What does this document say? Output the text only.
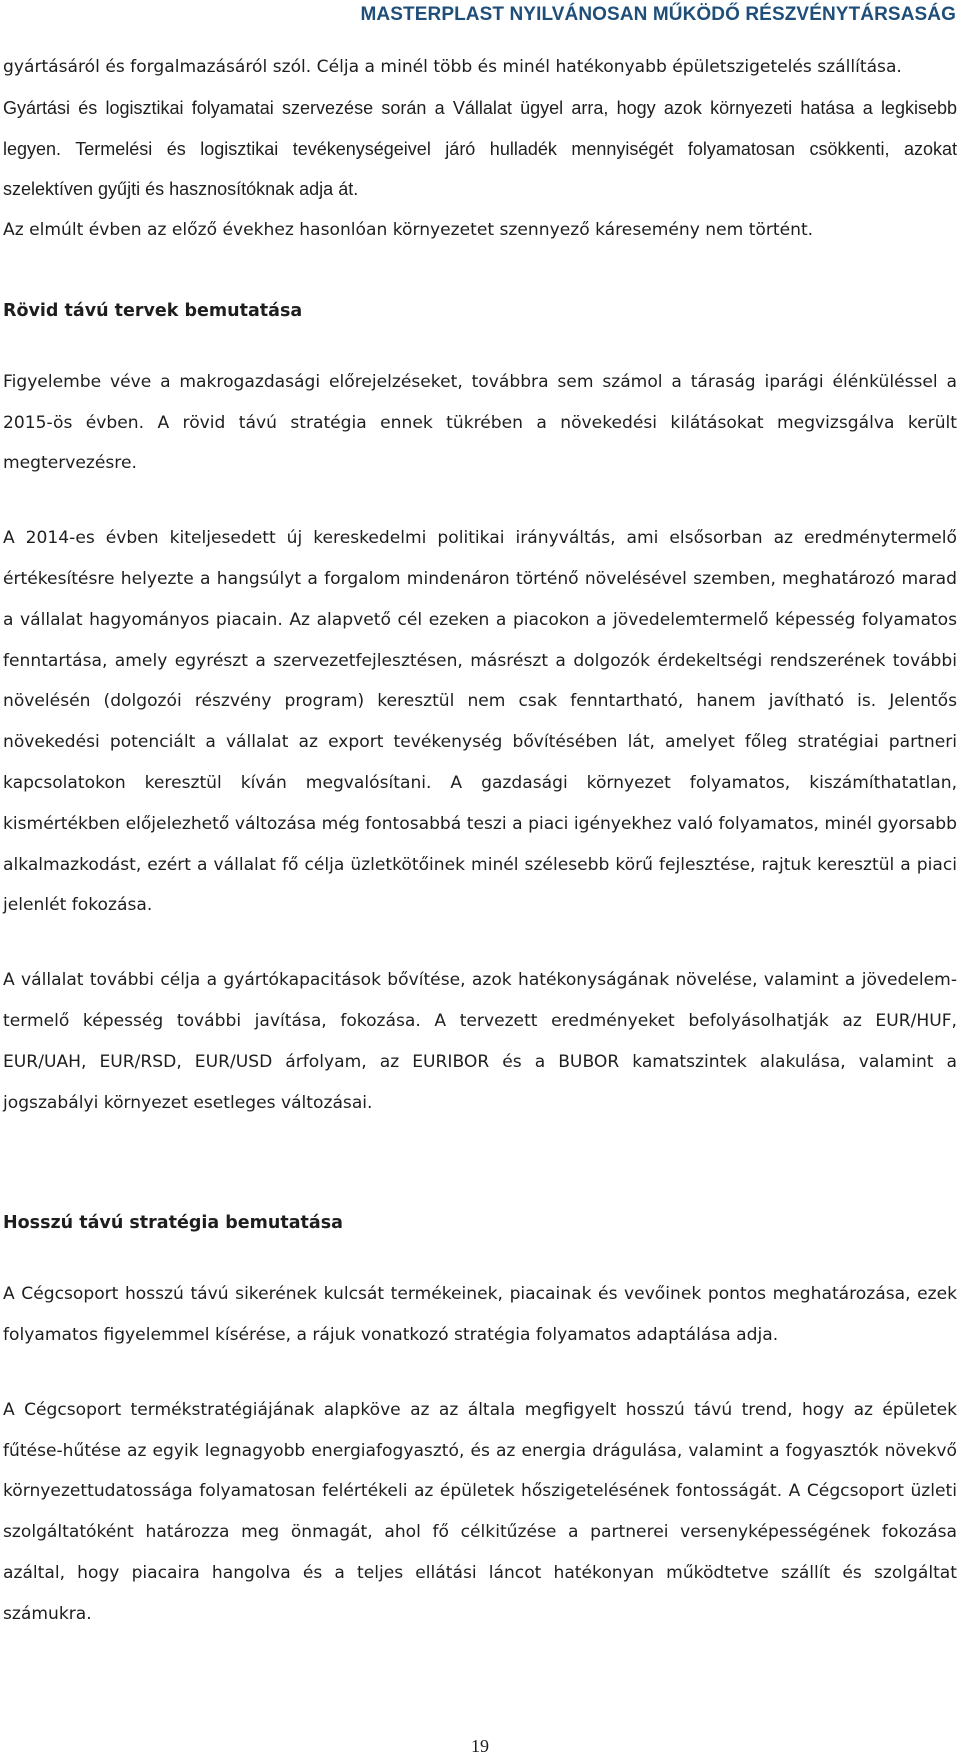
MASTERPLAST NYILVÁNOSAN MŰKÖDŐ RÉSZVÉNYTÁRSASÁG

gyártásáról és forgalmazásáról szól. Célja a minél több és minél hatékonyabb épületszigetelés szállítása.

Gyártási és logisztikai folyamatai szervezése során a Vállalat ügyel arra, hogy azok környezeti hatása a legkisebb legyen. Termelési és logisztikai tevékenységeivel járó hulladék mennyiségét folyamatosan csökkenti, azokat szelektíven gyűjti és hasznosítóknak adja át.

Az elmúlt évben az előző évekhez hasonlóan környezetet szennyező káresemény nem történt.

Rövid távú tervek bemutatása

Figyelembe véve a makrogazdasági előrejelzéseket, továbbra sem számol a táraság iparági élénküléssel a 2015-ös évben. A rövid távú stratégia ennek tükrében a növekedési kilátásokat megvizsgálva került megtervezésre.

A 2014-es évben kiteljesedett új kereskedelmi politikai irányváltás, ami elsősorban az eredménytermelő értékesítésre helyezte a hangsúlyt a forgalom mindenáron történő növelésével szemben, meghatározó marad a vállalat hagyományos piacain. Az alapvető cél ezeken a piacokon a jövedelemtermelő képesség folyamatos fenntartása, amely egyrészt a szervezetfejlesztésen, másrészt a dolgozók érdekeltségi rendszerének további növelésén (dolgozói részvény program) keresztül nem csak fenntartható, hanem javítható is. Jelentős növekedési potenciált a vállalat az export tevékenység bővítésében lát, amelyet főleg stratégiai partneri kapcsolatokon keresztül kíván megvalósítani. A gazdasági környezet folyamatos, kiszámíthatatlan, kismértékben előjelezhető változása még fontosabbá teszi a piaci igényekhez való folyamatos, minél gyorsabb alkalmazkodást, ezért a vállalat fő célja üzletkötőinek minél szélesebb körű fejlesztése, rajtuk keresztül a piaci jelenlét fokozása.

A vállalat további célja a gyártókapacitások bővítése, azok hatékonyságának növelése, valamint a jövedelem-termelő képesség további javítása, fokozása. A tervezett eredményeket befolyásolhatják az EUR/HUF, EUR/UAH, EUR/RSD, EUR/USD árfolyam, az EURIBOR és a BUBOR kamatszintek alakulása, valamint a jogszabályi környezet esetleges változásai.

Hosszú távú stratégia bemutatása

A Cégcsoport hosszú távú sikerének kulcsát termékeinek, piacainak és vevőinek pontos meghatározása, ezek folyamatos figyelemmel kísérése, a rájuk vonatkozó stratégia folyamatos adaptálása adja.

A Cégcsoport termékstratégiájának alapköve az az általa megfigyelt hosszú távú trend, hogy az épületek fűtése-hűtése az egyik legnagyobb energiafogyasztó, és az energia drágulása, valamint a fogyasztók növekvő környezettudatossága folyamatosan felértékeli az épületek hőszigetelésének fontosságát. A Cégcsoport üzleti szolgáltatóként határozza meg önmagát, ahol fő célkitűzése a partnerei versenyképességének fokozása azáltal, hogy piacaira hangolva és a teljes ellátási láncot hatékonyan működtetve szállít és szolgáltat számukra.

19
